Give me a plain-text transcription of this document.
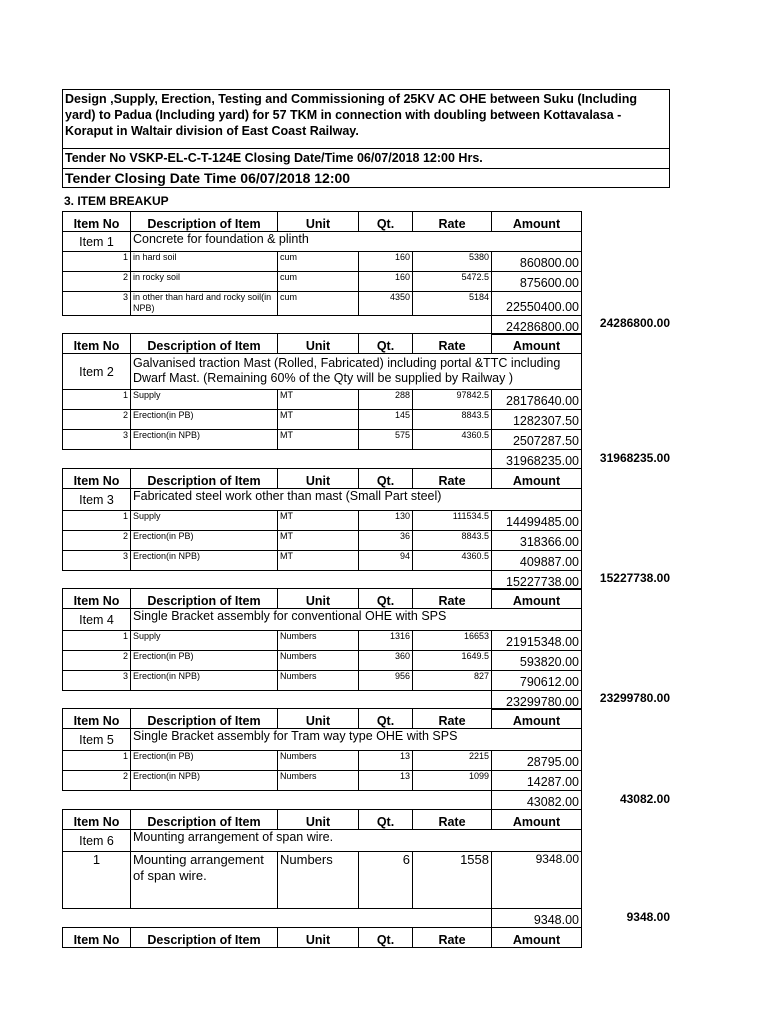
Design ,Supply, Erection, Testing and Commissioning of 25KV AC OHE between Suku (Including yard) to Padua (Including yard) for 57 TKM in connection with doubling between Kottavalasa - Koraput in Waltair division of East Coast Railway.
Tender No VSKP-EL-C-T-124E Closing Date/Time 06/07/2018 12:00 Hrs.
Tender Closing Date Time 06/07/2018 12:00
3. ITEM BREAKUP
Item No	Description of Item	Unit	Qt.	Rate	Amount
Item 1	Concrete for foundation & plinth				
1	in hard soil	cum	160	5380	860800.00
2	in rocky soil	cum	160	5472.5	875600.00
3	in other than hard and rocky soil(in NPB)	cum	4350	5184	22550400.00
					24286800.00	24286800.00
Item No	Description of Item	Unit	Qt.	Rate	Amount
Item 2	Galvanised traction Mast (Rolled, Fabricated) including portal &TTC including Dwarf Mast. (Remaining 60% of the Qty will be supplied by Railway )				
1	Supply	MT	288	97842.5	28178640.00
2	Erection(in PB)	MT	145	8843.5	1282307.50
3	Erection(in NPB)	MT	575	4360.5	2507287.50
					31968235.00	31968235.00
Item No	Description of Item	Unit	Qt.	Rate	Amount
Item 3	Fabricated steel work other than mast (Small Part steel)				
1	Supply	MT	130	111534.5	14499485.00
2	Erection(in PB)	MT	36	8843.5	318366.00
3	Erection(in NPB)	MT	94	4360.5	409887.00
					15227738.00	15227738.00
Item No	Description of Item	Unit	Qt.	Rate	Amount
Item 4	Single Bracket assembly for conventional OHE with SPS				
1	Supply	Numbers	1316	16653	21915348.00
2	Erection(in PB)	Numbers	360	1649.5	593820.00
3	Erection(in NPB)	Numbers	956	827	790612.00
					23299780.00	23299780.00
Item No	Description of Item	Unit	Qt.	Rate	Amount
Item 5	Single Bracket assembly for Tram way type OHE with SPS				
1	Erection(in PB)	Numbers	13	2215	28795.00
2	Erection(in NPB)	Numbers	13	1099	14287.00
					43082.00	43082.00
Item No	Description of Item	Unit	Qt.	Rate	Amount
Item 6	Mounting arrangement of span wire.				
1	Mounting arrangement of span wire.	Numbers	6	1558	9348.00
					9348.00	9348.00
Item No	Description of Item	Unit	Qt.	Rate	Amount
